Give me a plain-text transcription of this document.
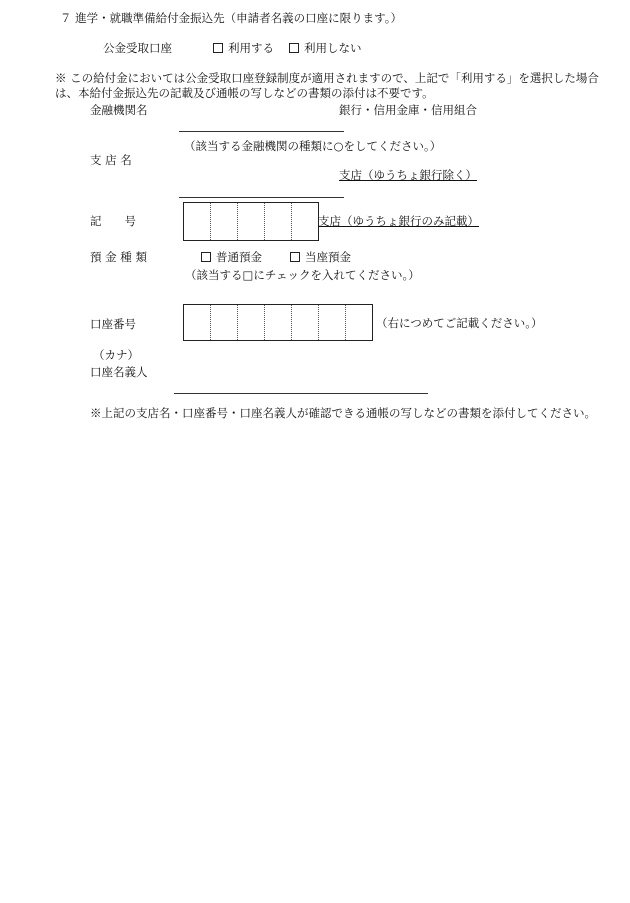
７ 進学・就職準備給付金振込先（申請者名義の口座に限ります。）
公金受取口座	利用する	利用しない
※ この給付金においては公金受取口座登録制度が適用されますので、上記で「利用する」を選択した場合は、本給付金振込先の記載及び通帳の写しなどの書類の添付は不要です。
金融機関名	銀行・信用金庫・信用組合
（該当する金融機関の種類に○をしてください。）
支 店 名
支店（ゆうちょ銀行除く）
記　　号	支店（ゆうちょ銀行のみ記載）
預 金 種 類	普通預金	当座預金
（該当する□にチェックを入れてください。）
口座番号	（右につめてご記載ください。）
（カナ）
口座名義人
※上記の支店名・口座番号・口座名義人が確認できる通帳の写しなどの書類を添付してください。
